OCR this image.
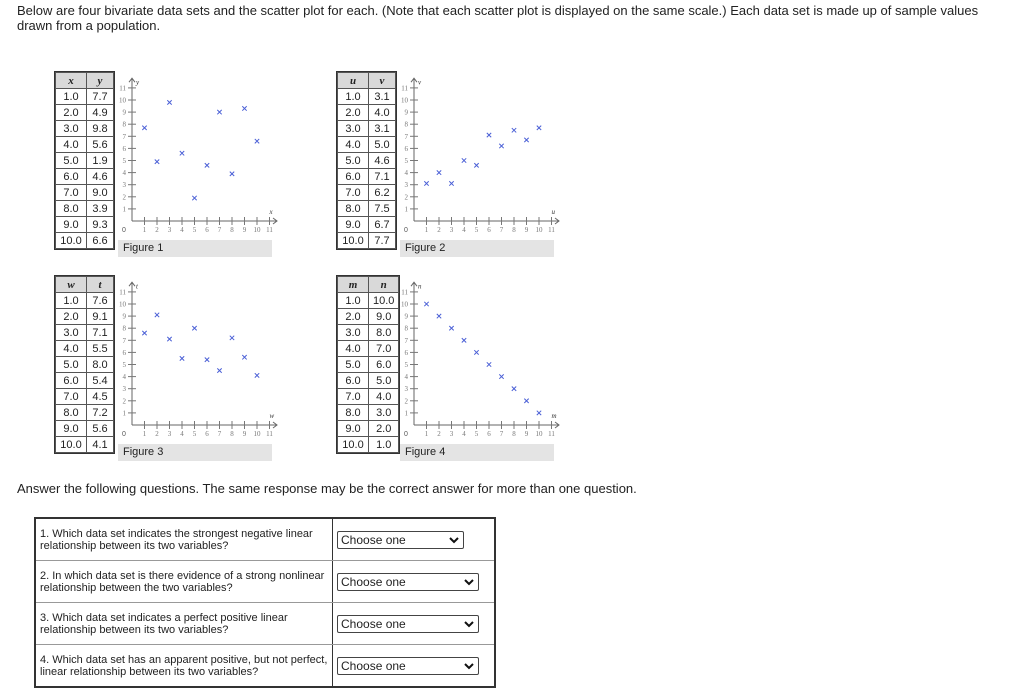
Below are four bivariate data sets and the scatter plot for each. (Note that each scatter plot is displayed on the same scale.) Each data set is made up of sample values drawn from a population.
x	y
1.0	7.7
2.0	4.9
3.0	9.8
4.0	5.6
5.0	1.9
6.0	4.6
7.0	9.0
8.0	3.9
9.0	9.3
10.0	6.6
1
1
2
2
3
3
4
4
5
5
6
6
7
7
8
8
9
9
10
10
11
11
0
x
y
Figure 1
u	v
1.0	3.1
2.0	4.0
3.0	3.1
4.0	5.0
5.0	4.6
6.0	7.1
7.0	6.2
8.0	7.5
9.0	6.7
10.0	7.7
1
1
2
2
3
3
4
4
5
5
6
6
7
7
8
8
9
9
10
10
11
11
0
u
v
Figure 2
w	t
1.0	7.6
2.0	9.1
3.0	7.1
4.0	5.5
5.0	8.0
6.0	5.4
7.0	4.5
8.0	7.2
9.0	5.6
10.0	4.1
1
1
2
2
3
3
4
4
5
5
6
6
7
7
8
8
9
9
10
10
11
11
0
w
t
Figure 3
m	n
1.0	10.0
2.0	9.0
3.0	8.0
4.0	7.0
5.0	6.0
6.0	5.0
7.0	4.0
8.0	3.0
9.0	2.0
10.0	1.0
1
1
2
2
3
3
4
4
5
5
6
6
7
7
8
8
9
9
10
10
11
11
0
m
n
Figure 4
Answer the following questions. The same response may be the correct answer for more than one question.
1. Which data set indicates the strongest negative linear relationship between its two variables?	Choose one

2. In which data set is there evidence of a strong nonlinear relationship between the two variables?	Choose one

3. Which data set indicates a perfect positive linear relationship between its two variables?	Choose one

4. Which data set has an apparent positive, but not perfect, linear relationship between its two variables?	Choose one
